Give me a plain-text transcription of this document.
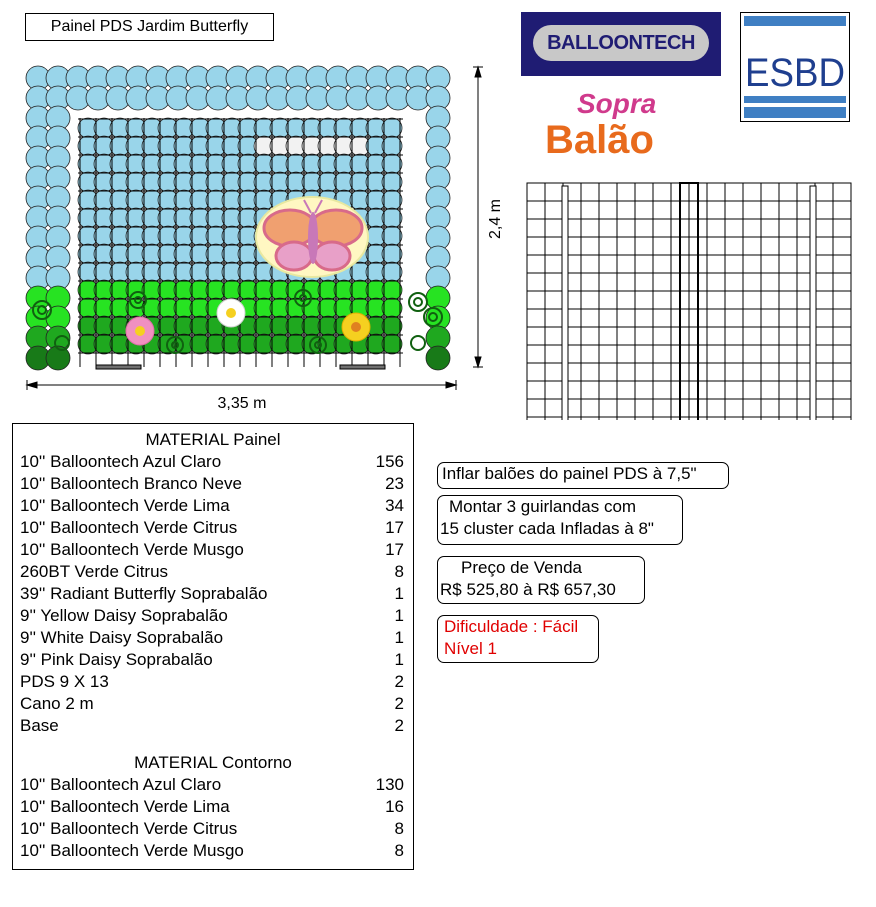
Painel PDS Jardim Butterfly
3,35 m
2,4 m
BALLOONTECH
ESBD
Sopra
Balão
MATERIAL Painel
MATERIAL Contorno
10'' Balloontech Azul Claro	156
10'' Balloontech Branco Neve	23
10'' Balloontech Verde Lima	34
10'' Balloontech Verde Citrus	17
10'' Balloontech Verde Musgo	17
260BT Verde Citrus	8
39'' Radiant Butterfly Soprabalão	1
9'' Yellow Daisy Soprabalão	1
9'' White Daisy Soprabalão	1
9'' Pink Daisy Soprabalão	1
PDS 9 X 13	2
Cano 2 m	2
Base	2
10'' Balloontech Azul Claro	130
10'' Balloontech Verde Lima	16
10'' Balloontech Verde Citrus	8
10'' Balloontech Verde Musgo	8
Inflar balões do painel PDS à 7,5"
Montar 3 guirlandas com
15 cluster cada Infladas à 8"
Preço de Venda
R$ 525,80 à R$ 657,30
Dificuldade : Fácil
Nível 1
